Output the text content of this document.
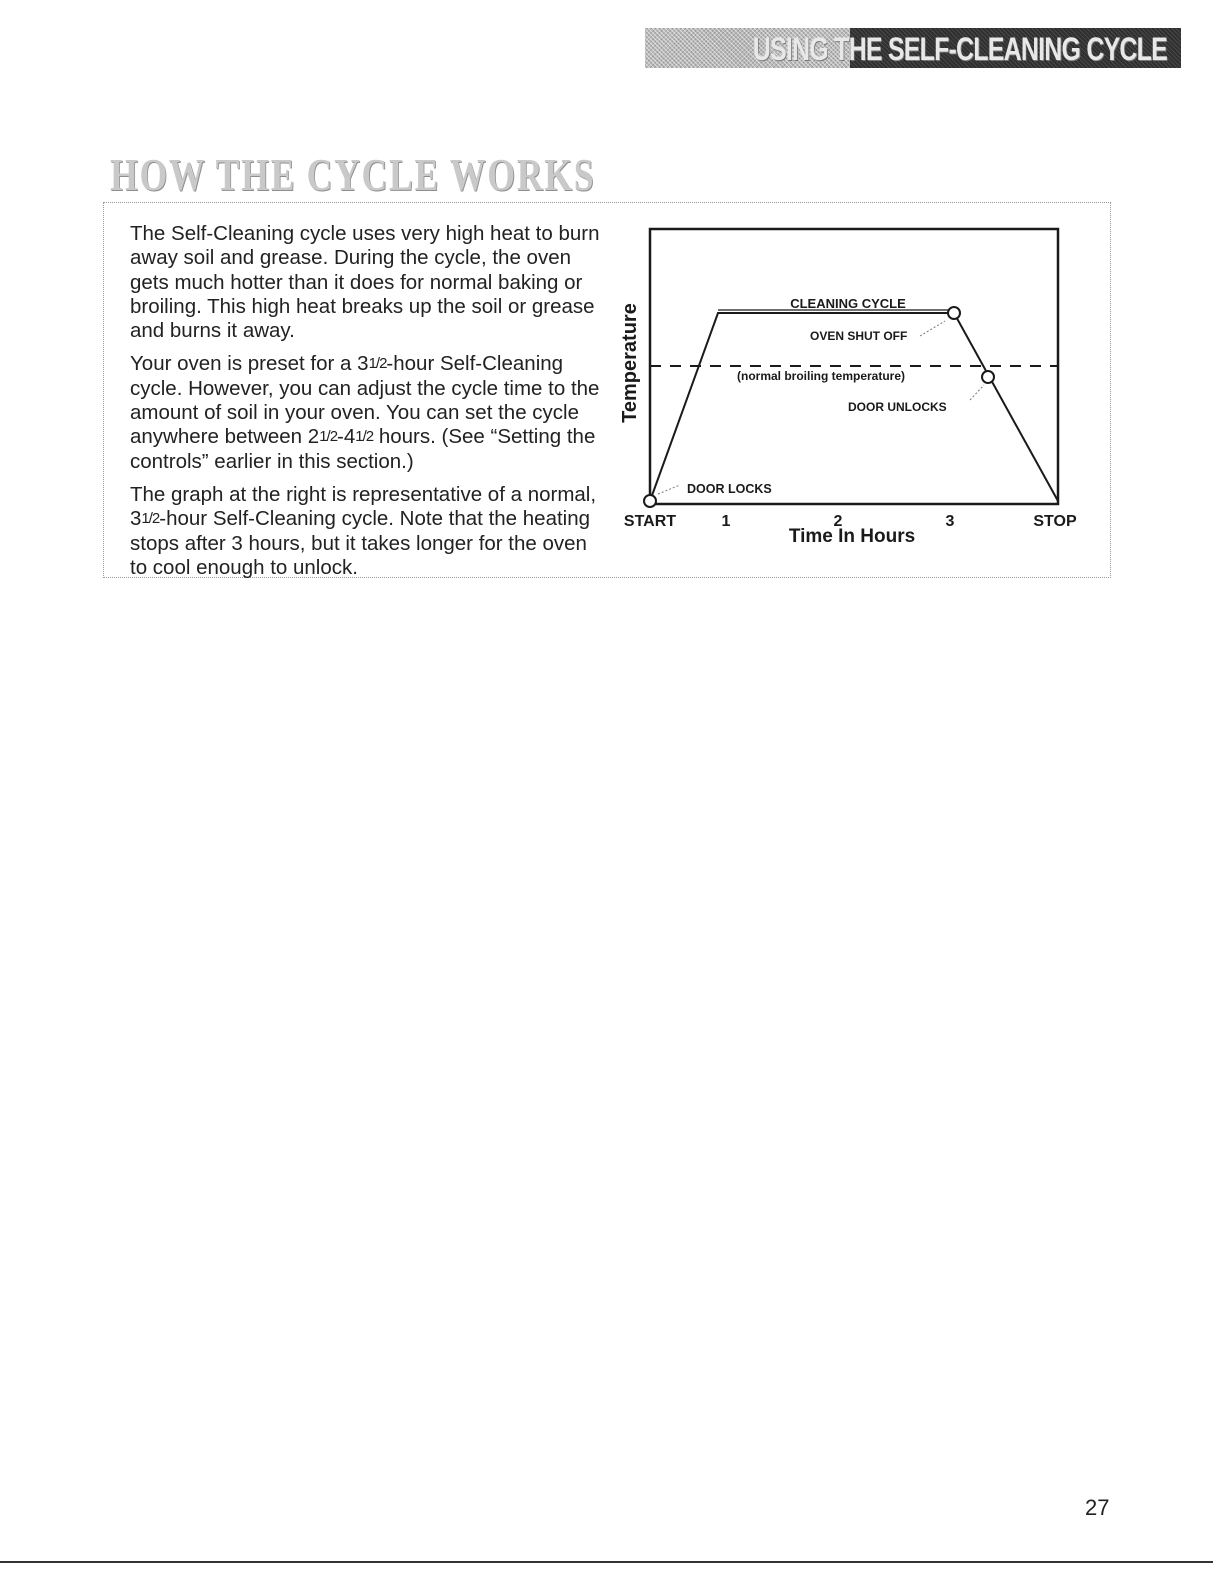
USING THE SELF-CLEANING CYCLE
HOW THE CYCLE WORKS

The Self-Cleaning cycle uses very high heat to burn away soil and grease. During the cycle, the oven gets much hotter than it does for normal baking or broiling. This high heat breaks up the soil or grease and burns it away.

Your oven is preset for a 31/2-hour Self-Cleaning cycle. However, you can adjust the cycle time to the amount of soil in your oven. You can set the cycle anywhere between 21/2-41/2 hours. (See “Setting the controls” earlier in this section.)

The graph at the right is representative of a normal, 31/2-hour Self-Cleaning cycle. Note that the heating stops after 3 hours, but it takes longer for the oven to cool enough to unlock.

CLEANING CYCLE
OVEN SHUT OFF
(normal broiling temperature)
DOOR UNLOCKS
DOOR LOCKS
Temperature
START	1	2	3	STOP
Time In Hours
27
